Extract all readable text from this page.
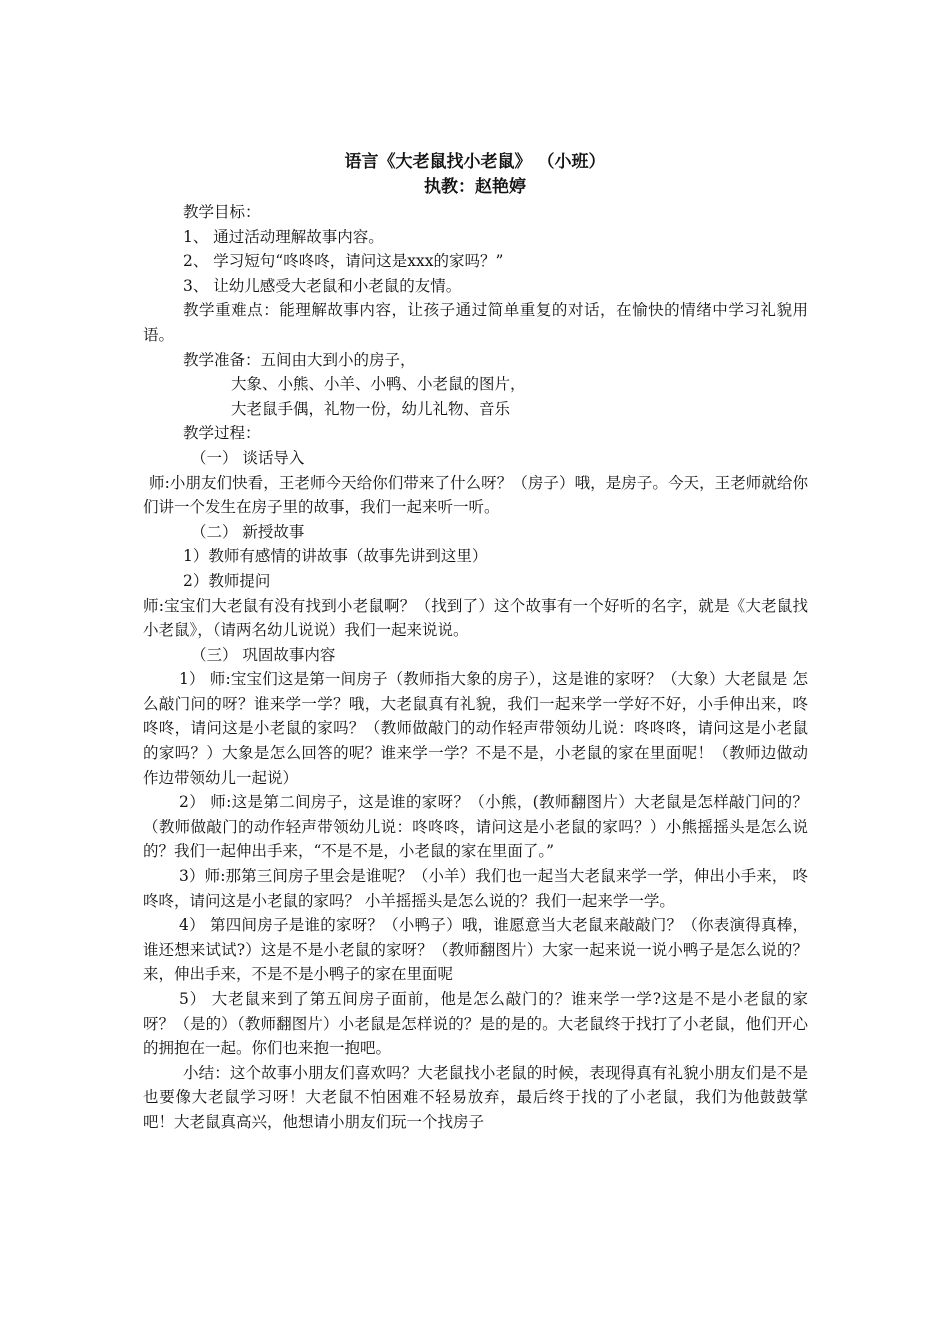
语言《大老鼠找小老鼠》 （小班）
执教：赵艳婷

教学目标：

1、 通过活动理解故事内容。

2、 学习短句“咚咚咚，请问这是xxx的家吗？”

3、 让幼儿感受大老鼠和小老鼠的友情。

教学重难点：能理解故事内容，让孩子通过简单重复的对话，在愉快的情绪中学习礼貌用语。

教学准备：五间由大到小的房子，

大象、小熊、小羊、小鸭、小老鼠的图片，

大老鼠手偶，礼物一份，幼儿礼物、音乐

教学过程：

（一） 谈话导入

师:小朋友们快看，王老师今天给你们带来了什么呀？（房子）哦，是房子。今天，王老师就给你们讲一个发生在房子里的故事，我们一起来听一听。

（二） 新授故事

1）教师有感情的讲故事（故事先讲到这里）

2）教师提问

师:宝宝们大老鼠有没有找到小老鼠啊？（找到了）这个故事有一个好听的名字，就是《大老鼠找小老鼠》，（请两名幼儿说说）我们一起来说说。

（三） 巩固故事内容

1） 师:宝宝们这是第一间房子（教师指大象的房子），这是谁的家呀？（大象）大老鼠是 怎么敲门问的呀？谁来学一学？哦，大老鼠真有礼貌，我们一起来学一学好不好，小手伸出来，咚咚咚，请问这是小老鼠的家吗？（教师做敲门的动作轻声带领幼儿说：咚咚咚，请问这是小老鼠的家吗？）大象是怎么回答的呢？谁来学一学？不是不是，小老鼠的家在里面呢！（教师边做动作边带领幼儿一起说）

2） 师:这是第二间房子，这是谁的家呀？（小熊，(教师翻图片）大老鼠是怎样敲门问的？（教师做敲门的动作轻声带领幼儿说：咚咚咚，请问这是小老鼠的家吗？）小熊摇摇头是怎么说的？我们一起伸出手来，“不是不是，小老鼠的家在里面了。”

3）师:那第三间房子里会是谁呢？（小羊）我们也一起当大老鼠来学一学，伸出小手来， 咚咚咚，请问这是小老鼠的家吗？ 小羊摇摇头是怎么说的？我们一起来学一学。

4） 第四间房子是谁的家呀？（小鸭子）哦，谁愿意当大老鼠来敲敲门？（你表演得真棒，谁还想来试试?）这是不是小老鼠的家呀？（教师翻图片）大家一起来说一说小鸭子是怎么说的？来，伸出手来，不是不是小鸭子的家在里面呢

5） 大老鼠来到了第五间房子面前，他是怎么敲门的？谁来学一学?这是不是小老鼠的家 呀？（是的）（教师翻图片）小老鼠是怎样说的？是的是的。大老鼠终于找打了小老鼠，他们开心的拥抱在一起。你们也来抱一抱吧。

小结：这个故事小朋友们喜欢吗？大老鼠找小老鼠的时候，表现得真有礼貌小朋友们是不是也要像大老鼠学习呀！大老鼠不怕困难不轻易放弃，最后终于找的了小老鼠，我们为他鼓鼓掌吧！大老鼠真高兴，他想请小朋友们玩一个找房子
